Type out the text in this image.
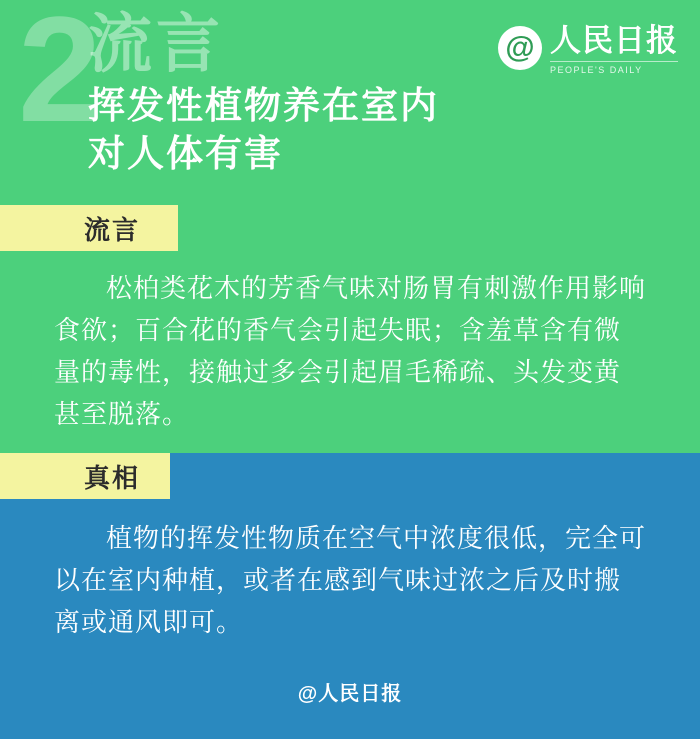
2
流言
挥发性植物养在室内
对人体有害
@ 人民日报
PEOPLE'S DAILY
流言
松柏类花木的芳香气味对肠胃有刺激作用影响食欲；百合花的香气会引起失眠；含羞草含有微量的毒性，接触过多会引起眉毛稀疏、头发变黄甚至脱落。
真相
植物的挥发性物质在空气中浓度很低，完全可以在室内种植，或者在感到气味过浓之后及时搬离或通风即可。
@人民日报
